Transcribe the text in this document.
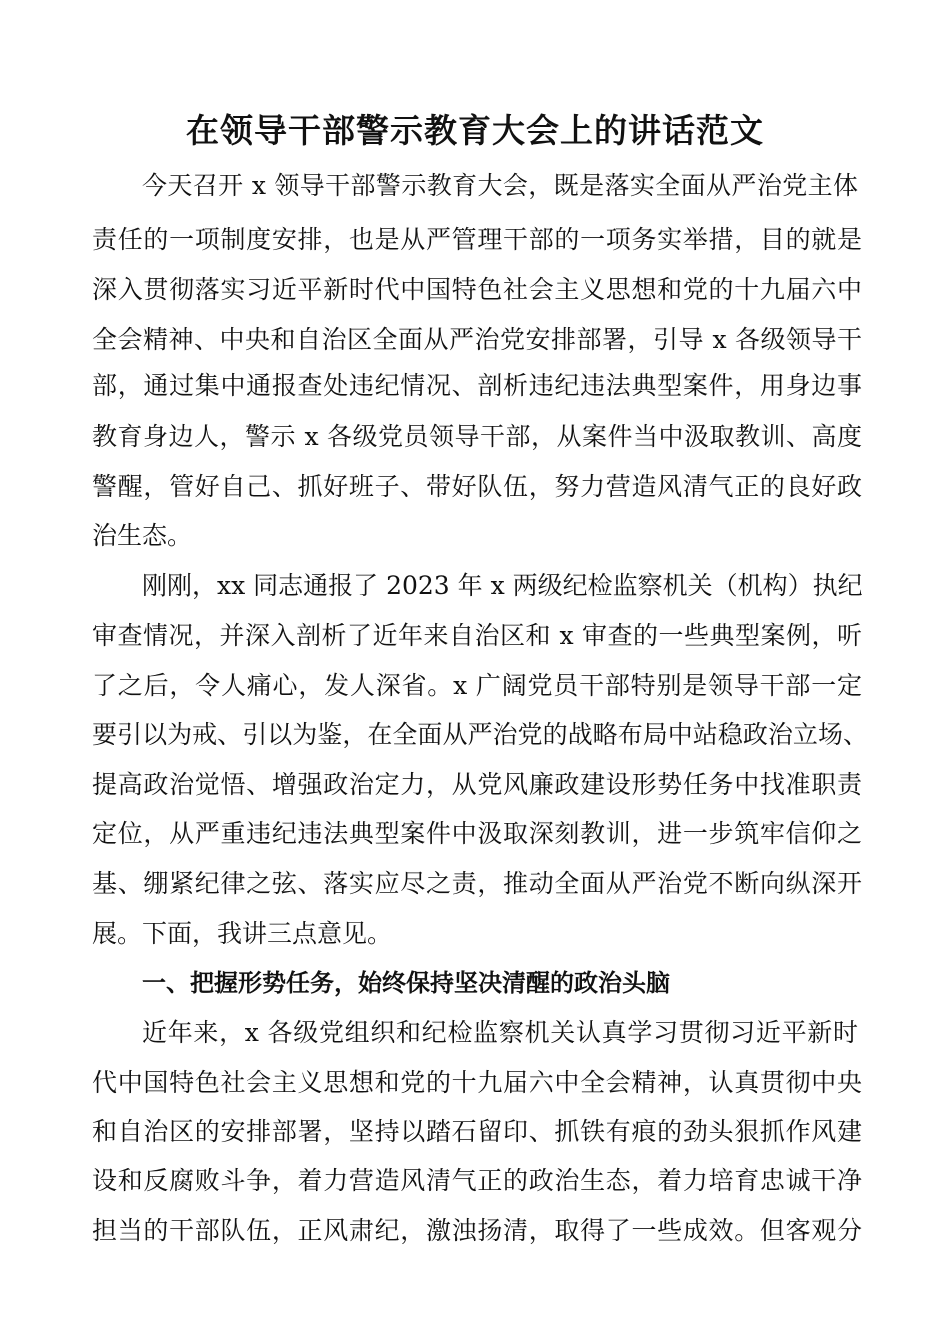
在领导干部警示教育大会上的讲话范文
今天召开 x 领导干部警示教育大会，既是落实全面从严治党主体
责任的一项制度安排，也是从严管理干部的一项务实举措，目的就是
深入贯彻落实习近平新时代中国特色社会主义思想和党的十九届六中
全会精神、中央和自治区全面从严治党安排部署，引导 x 各级领导干
部，通过集中通报查处违纪情况、剖析违纪违法典型案件，用身边事
教育身边人，警示 x 各级党员领导干部，从案件当中汲取教训、高度
警醒，管好自己、抓好班子、带好队伍，努力营造风清气正的良好政
治生态。
刚刚，xx 同志通报了 2023 年 x 两级纪检监察机关（机构）执纪
审查情况，并深入剖析了近年来自治区和 x 审查的一些典型案例，听
了之后，令人痛心，发人深省。x 广阔党员干部特别是领导干部一定
要引以为戒、引以为鉴，在全面从严治党的战略布局中站稳政治立场、
提高政治觉悟、增强政治定力，从党风廉政建设形势任务中找准职责
定位，从严重违纪违法典型案件中汲取深刻教训，进一步筑牢信仰之
基、绷紧纪律之弦、落实应尽之责，推动全面从严治党不断向纵深开
展。下面，我讲三点意见。
一、把握形势任务，始终保持坚决清醒的政治头脑
近年来，x 各级党组织和纪检监察机关认真学习贯彻习近平新时
代中国特色社会主义思想和党的十九届六中全会精神，认真贯彻中央
和自治区的安排部署，坚持以踏石留印、抓铁有痕的劲头狠抓作风建
设和反腐败斗争，着力营造风清气正的政治生态，着力培育忠诚干净
担当的干部队伍，正风肃纪，激浊扬清，取得了一些成效。但客观分
